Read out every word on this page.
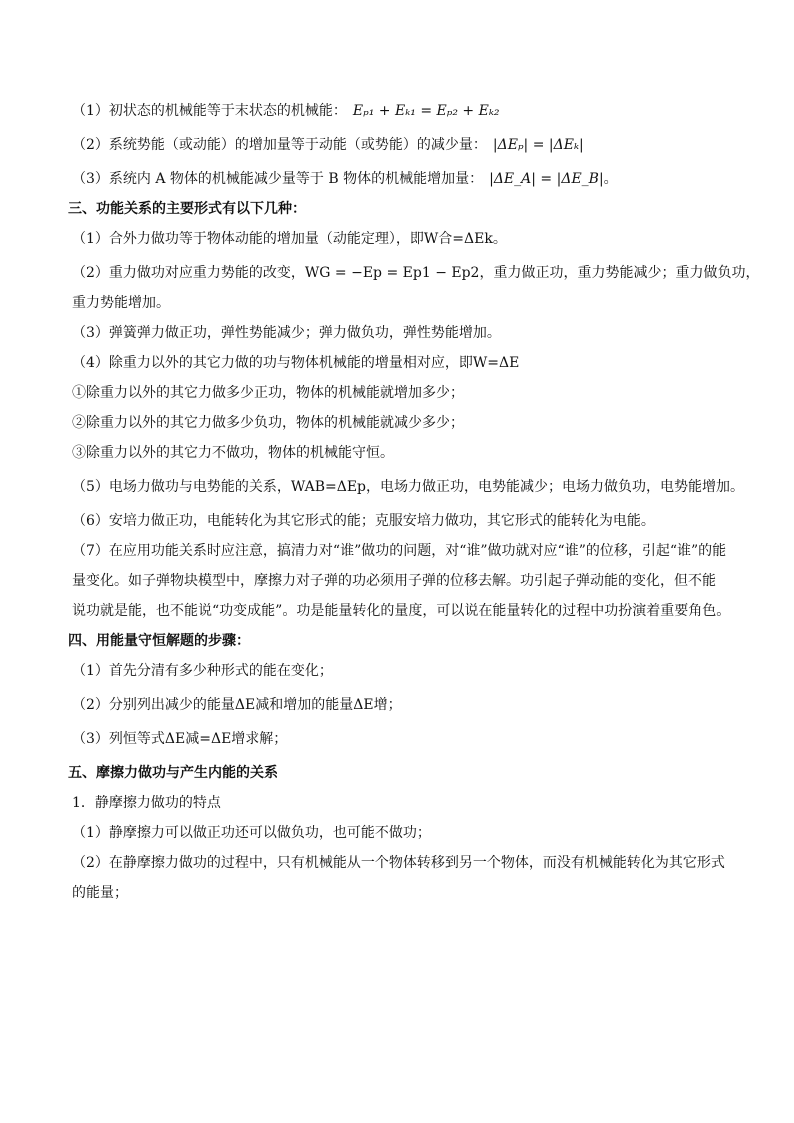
（1）初状态的机械能等于末状态的机械能： Eₚ₁ + Eₖ₁ = Eₚ₂ + Eₖ₂

（2）系统势能（或动能）的增加量等于动能（或势能）的减少量： |ΔEₚ| = |ΔEₖ|

（3）系统内 A 物体的机械能减少量等于 B 物体的机械能增加量： |ΔE_A| = |ΔE_B|。

三、功能关系的主要形式有以下几种：

（1）合外力做功等于物体动能的增加量（动能定理），即W合=ΔEk。

（2）重力做功对应重力势能的改变，WG = −Ep = Ep1 − Ep2，重力做正功，重力势能减少；重力做负功，

重力势能增加。

（3）弹簧弹力做正功，弹性势能减少；弹力做负功，弹性势能增加。

（4）除重力以外的其它力做的功与物体机械能的增量相对应，即W=ΔE

①除重力以外的其它力做多少正功，物体的机械能就增加多少；

②除重力以外的其它力做多少负功，物体的机械能就减少多少；

③除重力以外的其它力不做功，物体的机械能守恒。

（5）电场力做功与电势能的关系，WAB=ΔEp，电场力做正功，电势能减少；电场力做负功，电势能增加。

（6）安培力做正功，电能转化为其它形式的能；克服安培力做功，其它形式的能转化为电能。

（7）在应用功能关系时应注意，搞清力对“谁”做功的问题，对“谁”做功就对应“谁”的位移，引起“谁”的能

量变化。如子弹物块模型中，摩擦力对子弹的功必须用子弹的位移去解。功引起子弹动能的变化，但不能

说功就是能，也不能说“功变成能”。功是能量转化的量度，可以说在能量转化的过程中功扮演着重要角色。

四、用能量守恒解题的步骤：

（1）首先分清有多少种形式的能在变化；

（2）分别列出减少的能量ΔE减和增加的能量ΔE增；

（3）列恒等式ΔE减=ΔE增求解；

五、摩擦力做功与产生内能的关系

1．静摩擦力做功的特点

（1）静摩擦力可以做正功还可以做负功，也可能不做功；

（2）在静摩擦力做功的过程中，只有机械能从一个物体转移到另一个物体，而没有机械能转化为其它形式

的能量；
